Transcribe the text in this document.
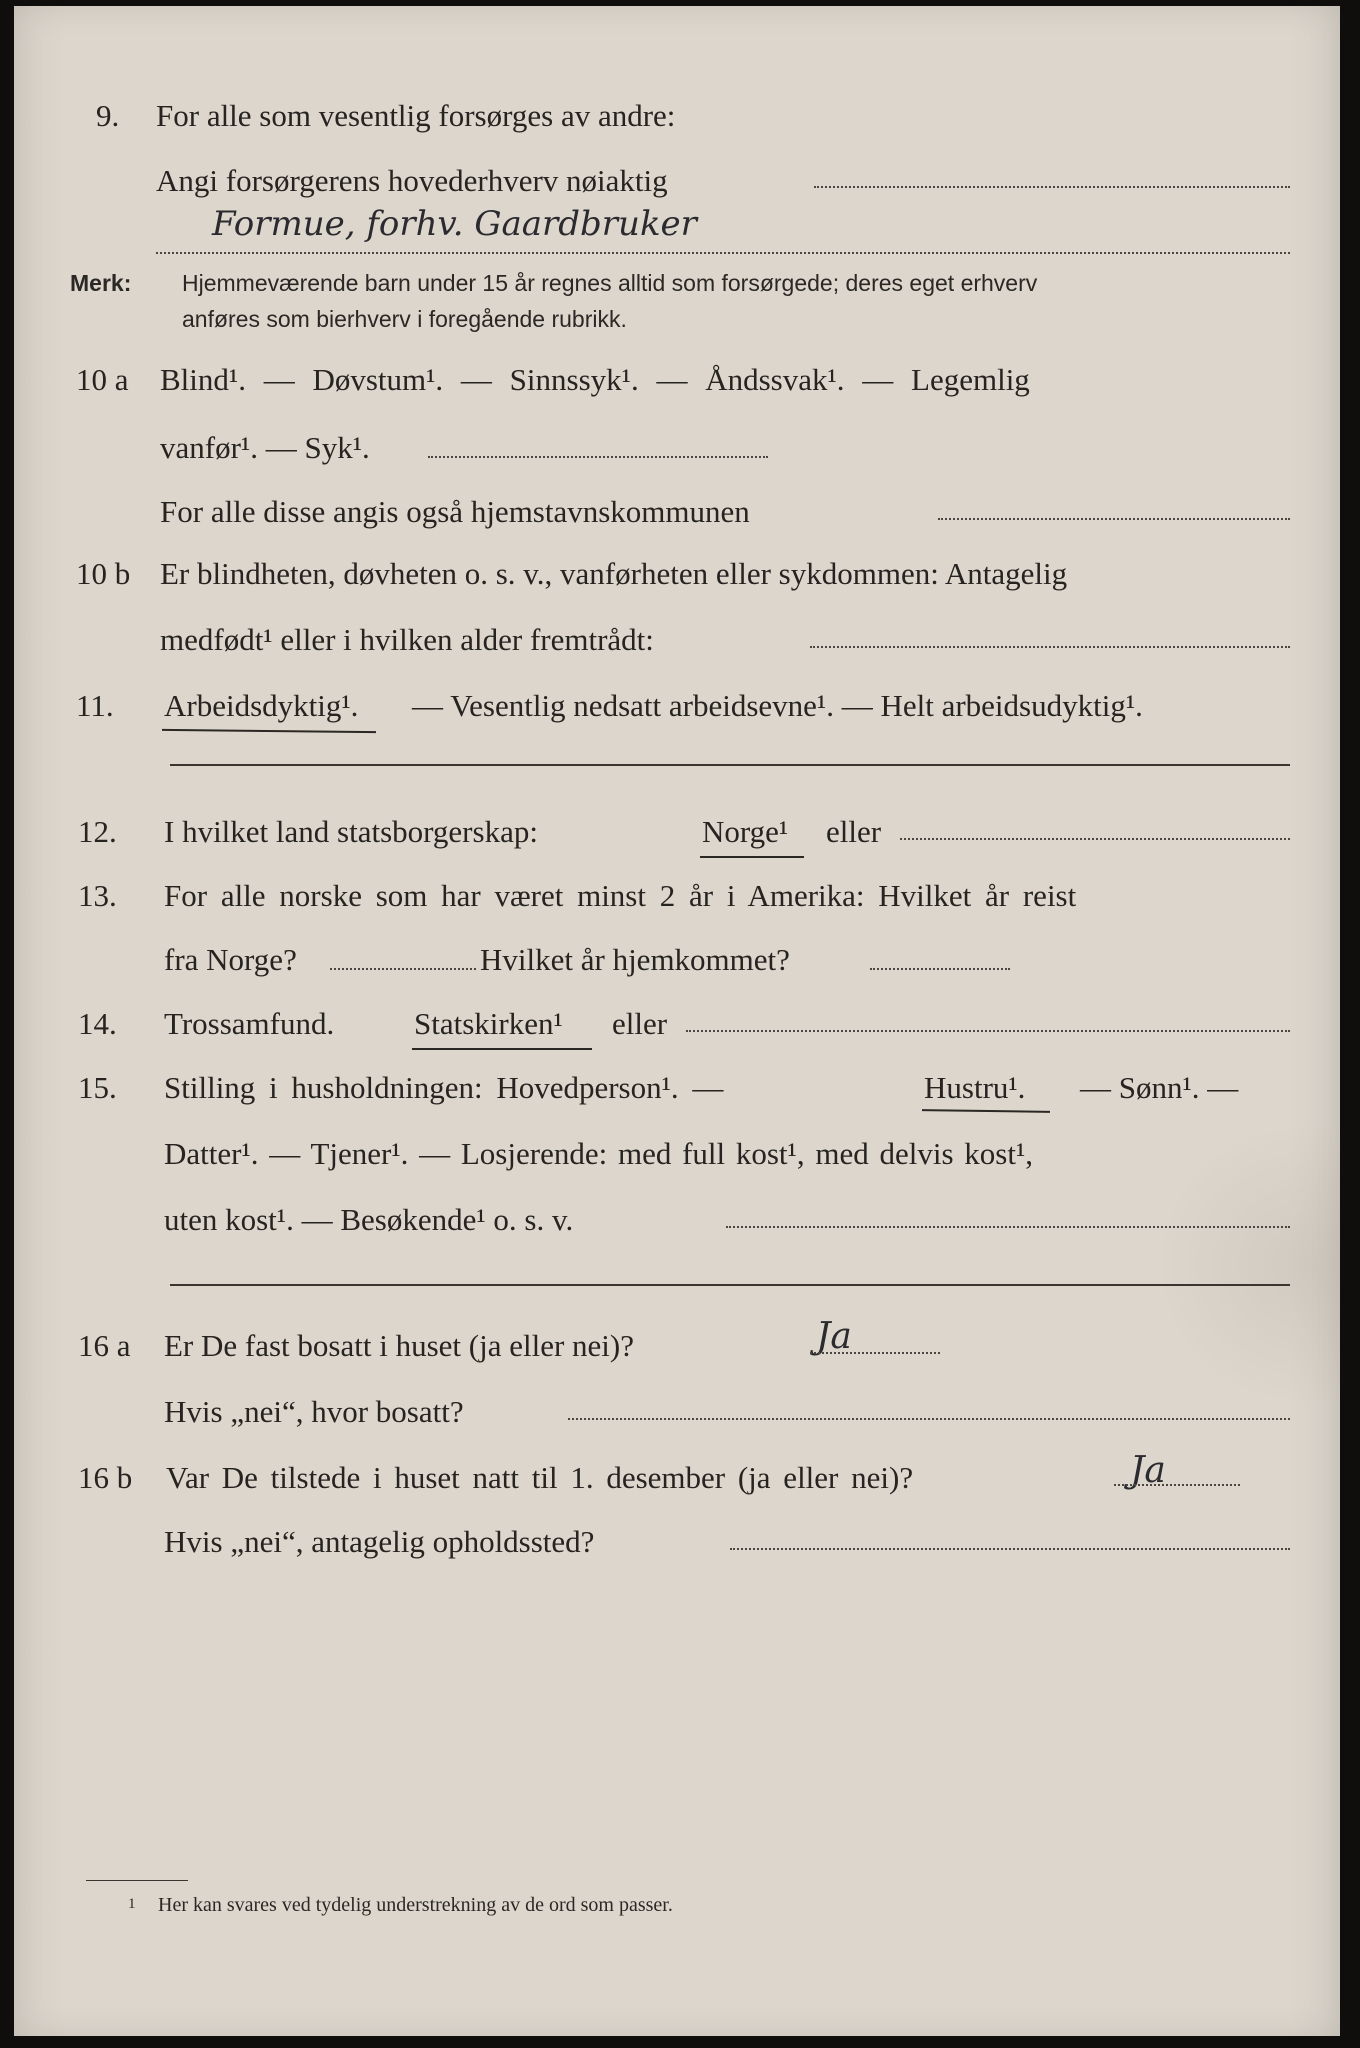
9. For alle som vesentlig forsørges av andre:
Angi forsørgerens hovederhverv nøiaktig
Formue, forhv. Gaardbruker
Merk: Hjemmeværende barn under 15 år regnes alltid som forsørgede; deres eget erhverv
anføres som bierhverv i foregående rubrikk.
10 a Blind¹. — Døvstum¹. — Sinnssyk¹. — Åndssvak¹. — Legemlig
vanfør¹. — Syk¹.
For alle disse angis også hjemstavnskommunen
10 b Er blindheten, døvheten o. s. v., vanførheten eller sykdommen: Antagelig
medfødt¹ eller i hvilken alder fremtrådt:
11. Arbeidsdyktig¹. — Vesentlig nedsatt arbeidsevne¹. — Helt arbeidsudyktig¹.
12. I hvilket land statsborgerskap:	Norge¹ eller
13. For alle norske som har været minst 2 år i Amerika: Hvilket år reist
fra Norge?	Hvilket år hjemkommet?
14. Trossamfund.	Statskirken¹ eller
15. Stilling i husholdningen: Hovedperson¹. —	Hustru¹. — Sønn¹. —
Datter¹. — Tjener¹. — Losjerende: med full kost¹, med delvis kost¹,
uten kost¹. — Besøkende¹ o. s. v.
16 a Er De fast bosatt i huset (ja eller nei)?	Ja
Hvis „nei“, hvor bosatt?
16 b Var De tilstede i huset natt til 1. desember (ja eller nei)?	Ja
Hvis „nei“, antagelig opholdssted?
1 Her kan svares ved tydelig understrekning av de ord som passer.
